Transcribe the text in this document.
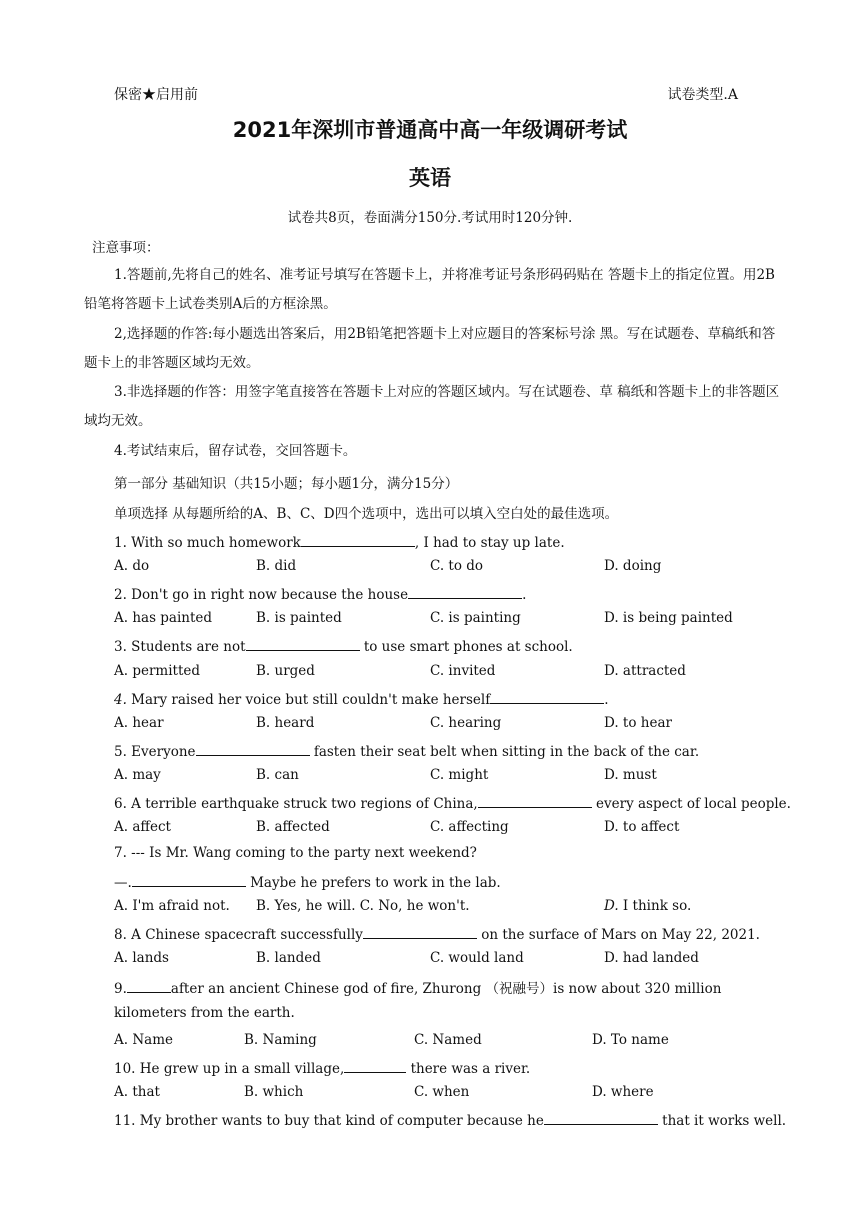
保密★启用前	试卷类型.A
2021年深圳市普通高中高一年级调研考试
英语
试卷共8页，卷面满分150分.考试用时120分钟.
注意事项：
1.答题前,先将自己的姓名、准考证号填写在答题卡上，并将准考证号条形码码贴在 答题卡上的指定位置。用2B铅笔将答题卡上试卷类别A后的方框涂黑。
2,选择题的作答:每小题选出答案后，用2B铅笔把答题卡上对应题目的答案标号涂 黑。写在试题卷、草稿纸和答题卡上的非答题区域均无效。
3.非选择题的作答：用签字笔直接答在答题卡上对应的答题区域内。写在试题卷、草 稿纸和答题卡上的非答题区域均无效。
4.考试结束后，留存试卷，交回答题卡。
第一部分 基础知识（共15小题；每小题1分，满分15分）
单项选择 从每题所给的A、B、C、D四个选项中，选出可以填入空白处的最佳选项。
1. With so much homework	, I had to stay up late.
A. do	B. did	C. to do	D. doing
2. Don't go in right now because the house	.
A. has painted	B. is painted	C. is painting	D. is being painted
3. Students are not	to use smart phones at school.
A. permitted	B. urged	C. invited	D. attracted
4. Mary raised her voice but still couldn't make herself	.
A. hear	B. heard	C. hearing	D. to hear
5. Everyone	fasten their seat belt when sitting in the back of the car.
A. may	B. can	C. might	D. must
6. A terrible earthquake struck two regions of China,	every aspect of local people.
A. affect	B. affected	C. affecting	D. to affect
7. --- Is Mr. Wang coming to the party next weekend?
—.	Maybe he prefers to work in the lab.
A. I'm afraid not. B. Yes, he will. C. No, he won't.	D. I think so.
8. A Chinese spacecraft successfully	on the surface of Mars on May 22, 2021.
A. lands	B. landed	C. would land	D. had landed
9.	after an ancient Chinese god of fire, Zhurong （祝融号）is now about 320 million
kilometers from the earth.
A. Name	B. Naming	C. Named	D. To name
10. He grew up in a small village,	there was a river.
A. that	B. which	C. when	D. where
11. My brother wants to buy that kind of computer because he	that it works well.
